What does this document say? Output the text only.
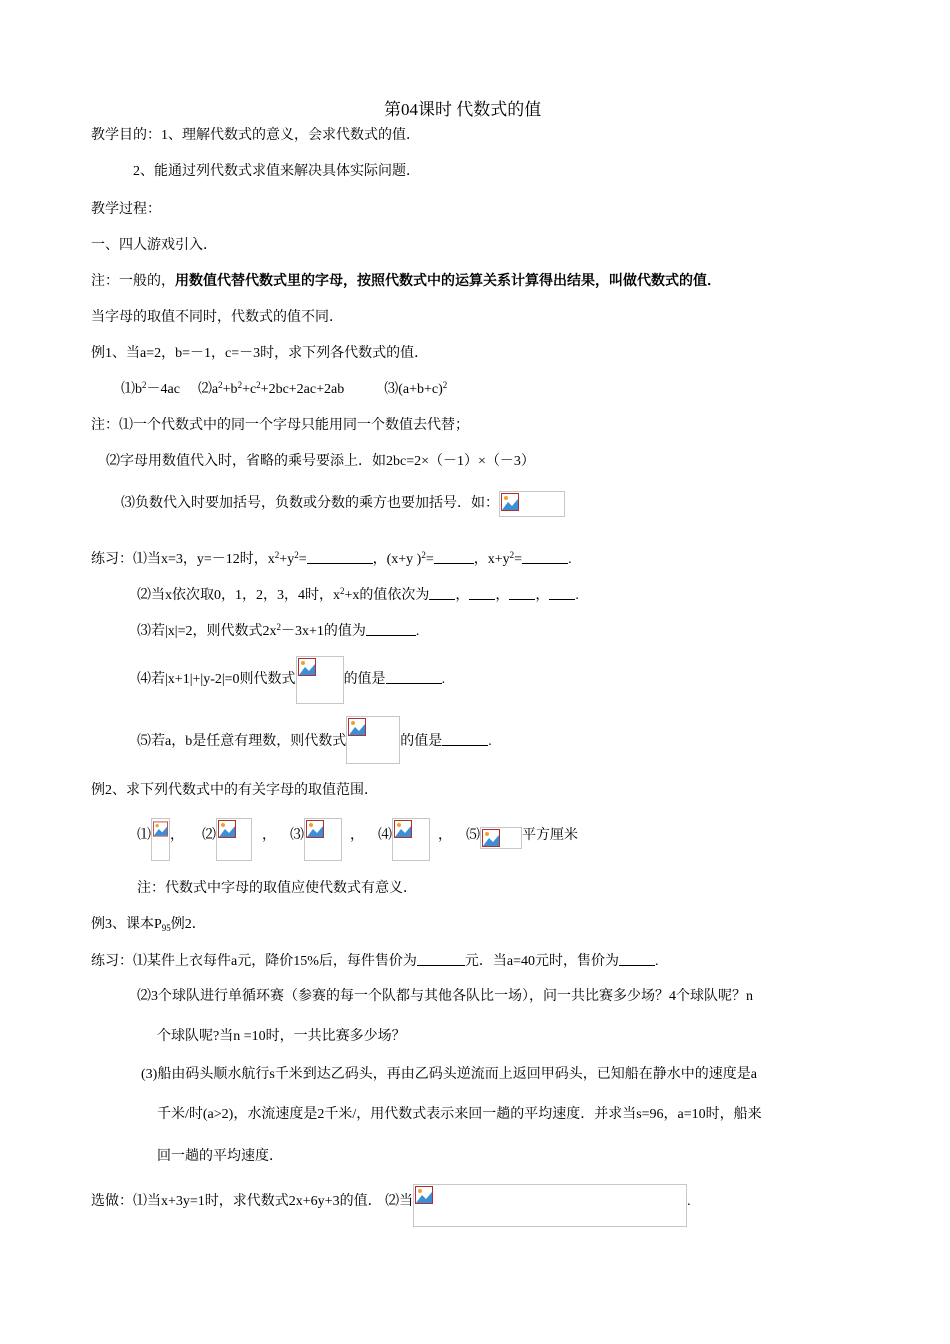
第04课时 代数式的值
教学目的：1、理解代数式的意义，会求代数式的值．
2、能通过列代数式求值来解决具体实际问题．
教学过程：
一、四人游戏引入．
注：一般的，用数值代替代数式里的字母，按照代数式中的运算关系计算得出结果，叫做代数式的值．
当字母的取值不同时，代数式的值不同．
例1、当a=2，b=－1，c=－3时，求下列各代数式的值．
$⑴b^2-4ac$ $⑵a^2+b^2+c^2+2bc+2ac+2ab$	$⑶(a+b+c)^2$
注：⑴一个代数式中的同一个字母只能用同一个数值去代替；
⑵字母用数值代入时，省略的乘号要添上．如2bc=2×（－1）×（－3）
⑶负数代入时要加括号，负数或分数的乘方也要加括号．如：
练习：⑴当x=3，y=－12时，$x^2+y^2=$	，(x+y )$^2$=	，$x+y^2=$	.
⑵当x依次取0，1，2，3，4时，$x^2+x$的值依次为 ， ， ， .
⑶若|x|=2，则代数式$2x^2-3x+1$的值为	.
⑷若|x+1|+|y-2|=0则代数式	的值是	.
⑸若a，b是任意有理数，则代数式	的值是	.
例2、求下列代数式中的有关字母的取值范围．
⑴ ， ⑵	， ⑶	， ⑷	， ⑸	平方厘米
注：代数式中字母的取值应使代数式有意义．
例3、课本$P_{95}$例2．
练习：⑴某件上衣每件a元，降价15%后，每件售价为	元．当a=40元时，售价为	.
⑵3个球队进行单循环赛（参赛的每一个队都与其他各队比一场），问一共比赛多少场？4个球队呢？n
个球队呢?当n =10时，一共比赛多少场？
(3)船由码头顺水航行s千米到达乙码头，再由乙码头逆流而上返回甲码头，已知船在静水中的速度是a
千米/时(a>2)，水流速度是2千米/，用代数式表示来回一趟的平均速度．并求当s=96，a=10时，船来
回一趟的平均速度．
选做：⑴当x+3y=1时，求代数式2x+6y+3的值． ⑵当	.
